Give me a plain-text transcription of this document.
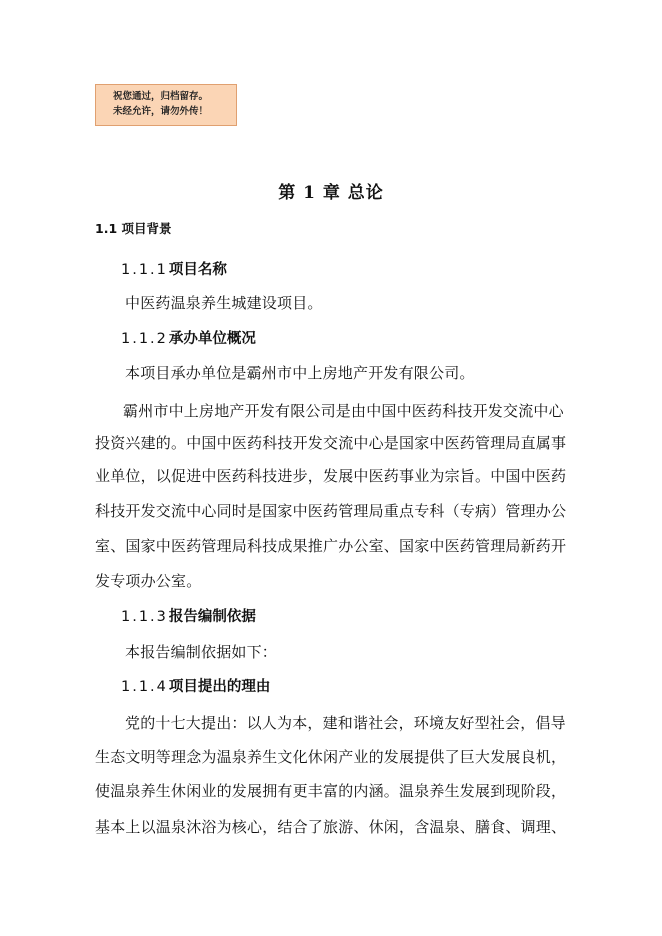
祝您通过，归档留存。
未经允许，请勿外传！
第 1 章 总论
1.1 项目背景
1.1.1项目名称
中医药温泉养生城建设项目。
1.1.2承办单位概况
本项目承办单位是霸州市中上房地产开发有限公司。
霸州市中上房地产开发有限公司是由中国中医药科技开发交流中心
投资兴建的。中国中医药科技开发交流中心是国家中医药管理局直属事
业单位，以促进中医药科技进步，发展中医药事业为宗旨。中国中医药
科技开发交流中心同时是国家中医药管理局重点专科（专病）管理办公
室、国家中医药管理局科技成果推广办公室、国家中医药管理局新药开
发专项办公室。
1.1.3报告编制依据
本报告编制依据如下：
1.1.4项目提出的理由
党的十七大提出：以人为本，建和谐社会，环境友好型社会，倡导
生态文明等理念为温泉养生文化休闲产业的发展提供了巨大发展良机，
使温泉养生休闲业的发展拥有更丰富的内涵。温泉养生发展到现阶段，
基本上以温泉沐浴为核心，结合了旅游、休闲，含温泉、膳食、调理、
